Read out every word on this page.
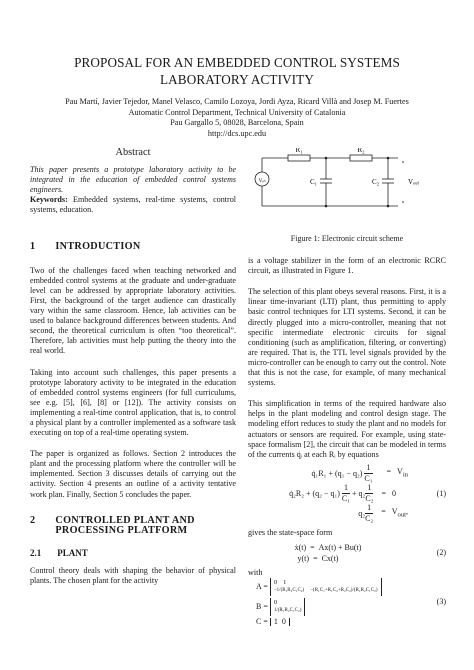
PROPOSAL FOR AN EMBEDDED CONTROL SYSTEMS
LABORATORY ACTIVITY
Pau Martí, Javier Tejedor, Manel Velasco, Camilo Lozoya, Jordi Ayza, Ricard Villà and Josep M. Fuertes
Automatic Control Department, Technical University of Catalonia
Pau Gargallo 5, 08028, Barcelona, Spain
http://dcs.upc.edu
Abstract

This paper presents a prototype laboratory activity to be integrated in the education of embedded control systems engineers.

Keywords: Embedded systems, real-time systems, control systems, education.

1 INTRODUCTION

Two of the challenges faced when teaching networked and embedded control systems at the graduate and under-graduate level can be addressed by appropriate laboratory activities. First, the background of the target audience can drastically vary within the same classroom. Hence, lab activities can be used to balance background differences between students. And second, the theoretical curriculum is often “too theoretical”. Therefore, lab activities must help putting the theory into the real world.

Taking into account such challenges, this paper presents a prototype laboratory activity to be integrated in the education of embedded control systems engineers (for full curriculums, see e.g. [5], [6], [8] or [12]). The activity consists on implementing a real-time control application, that is, to control a physical plant by a controller implemented as a software task executing on top of a real-time operating system.

The paper is organized as follows. Section 2 introduces the plant and the processing platform where the controller will be implemented. Section 3 discusses details of carrying out the activity. Section 4 presents an outline of a activity tentative work plan. Finally, Section 5 concludes the paper.

2 CONTROLLED PLANT AND
PROCESSING PLATFORM
2.1 PLANT

Control theory deals with shaping the behavior of physical plants. The chosen plant for the activity

R₁	R₂
C₁	C₂
Vᵢₙ	Vₒᵤₜ
Figure 1: Electronic circuit scheme

is a voltage stabilizer in the form of an electronic RCRC circuit, as illustrated in Figure 1.

The selection of this plant obeys several reasons. First, it is a linear time-invariant (LTI) plant, thus permitting to apply basic control techniques for LTI systems. Second, it can be directly plugged into a micro-controller, meaning that not specific intermediate electronic circuits for signal conditioning (such as amplification, filtering, or converting) are required. That is, the TTL level signals provided by the micro-controller can be enough to carry out the control. Note that this is not the case, for example, of many mechanical systems.

This simplification in terms of the required hardware also helps in the plant modeling and control design stage. The modeling effort reduces to study the plant and no models for actuators or sensors are required. For example, using state-space formalism [2], the circuit that can be modeled in terms of the currents q̇ᵢ at each Rᵢ by equations

q̇₁R₁ + $(q_1 - q_2) \frac{1}{\text{C₁}} = V_{in}$
q̇₂R₂ + $(q_2 - q_1) \frac{1}{\text{C₁}} + q_2 \frac{1}{\text{C₂}} = 0$
$q_2 \frac{1}{\text{C₂}} = V_{out}$,
(1)

gives the state-space form

ẋ(t)  =  Ax(t) + Bu(t)
y(t)  =  Cx(t)
(2)

with

A = 0 1
−1/(R₁R₂C₁C₂) −(R₁C₁+R₁C₂+R₂C₂)/(R₁R₂C₁C₂)
B = 0
1/(R₁R₂C₁C₂)
C = 1  0
(3)
